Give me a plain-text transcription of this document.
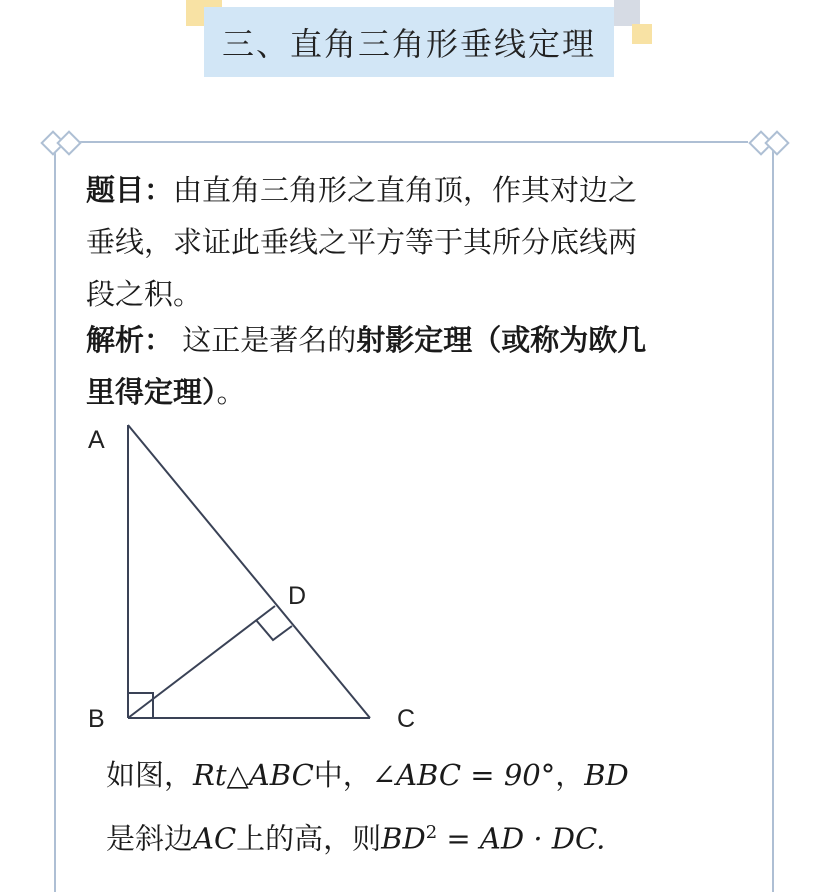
三、直角三角形垂线定理
题目：由直角三角形之直角顶，作其对边之
垂线，求证此垂线之平方等于其所分底线两
段之积。
解析： 这正是著名的射影定理（或称为欧几
里得定理）。
A
B	C
D
如图，Rt△ABC中，∠ABC = 90°，BD
是斜边AC上的高，则$BD^2$ = AD · DC.
